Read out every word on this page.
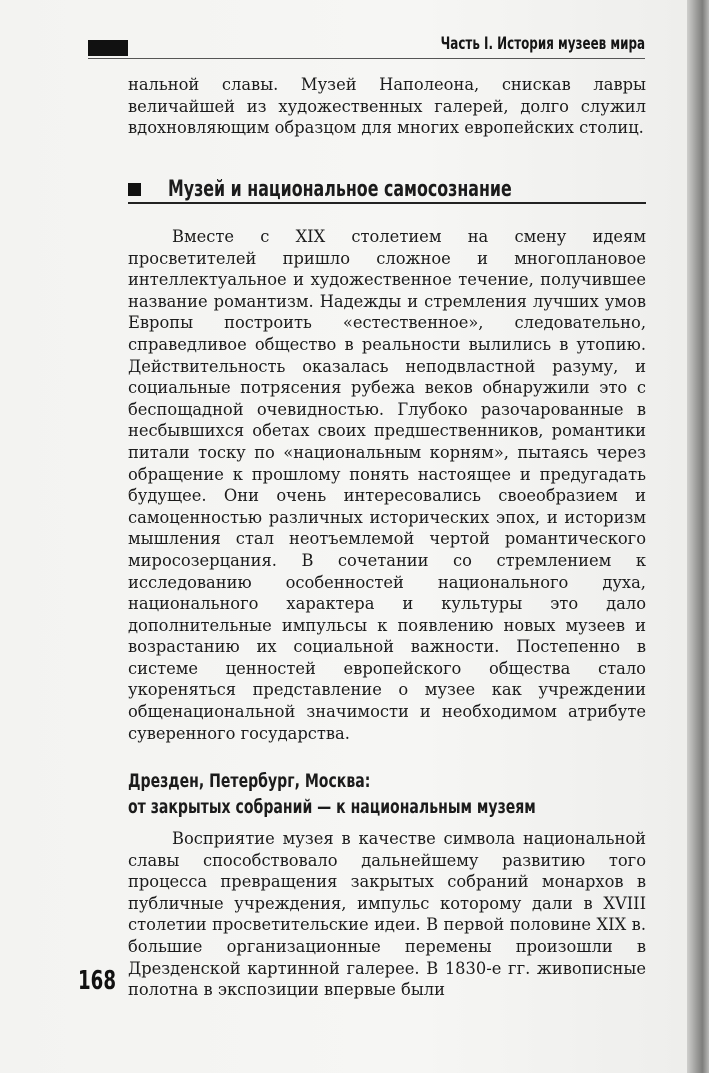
Часть I. История музеев мира

нальной славы. Музей Наполеона, снискав лавры величайшей из художественных галерей, долго служил вдохновляющим образцом для многих европейских столиц.

Музей и национальное самосознание

Вместе с XIX столетием на смену идеям просветителей пришло сложное и многоплановое интеллектуальное и художественное течение, получившее название романтизм. Надежды и стремления лучших умов Европы построить «естественное», следовательно, справедливое общество в реальности вылились в утопию. Действительность оказалась неподвластной разуму, и социальные потрясения рубежа веков обнаружили это с беспощадной очевидностью. Глубоко разочарованные в несбывшихся обетах своих предшественников, романтики питали тоску по «национальным корням», пытаясь через обращение к прошлому понять настоящее и предугадать будущее. Они очень интересовались своеобразием и самоценностью различных исторических эпох, и историзм мышления стал неотъемлемой чертой романтического миросозерцания. В сочетании со стремлением к исследованию особенностей национального духа, национального характера и культуры это дало дополнительные импульсы к появлению новых музеев и возрастанию их социальной важности. Постепенно в системе ценностей европейского общества стало укореняться представление о музее как учреждении общенациональной значимости и необходимом атрибуте суверенного государства.

Дрезден, Петербург, Москва:
от закрытых собраний — к национальным музеям

Восприятие музея в качестве символа национальной славы способствовало дальнейшему развитию того процесса превращения закрытых собраний монархов в публичные учреждения, импульс которому дали в XVIII столетии просветительские идеи. В первой половине XIX в. большие организационные перемены произошли в Дрезденской картинной галерее. В 1830-е гг. живописные полотна в экспозиции впервые были

168
